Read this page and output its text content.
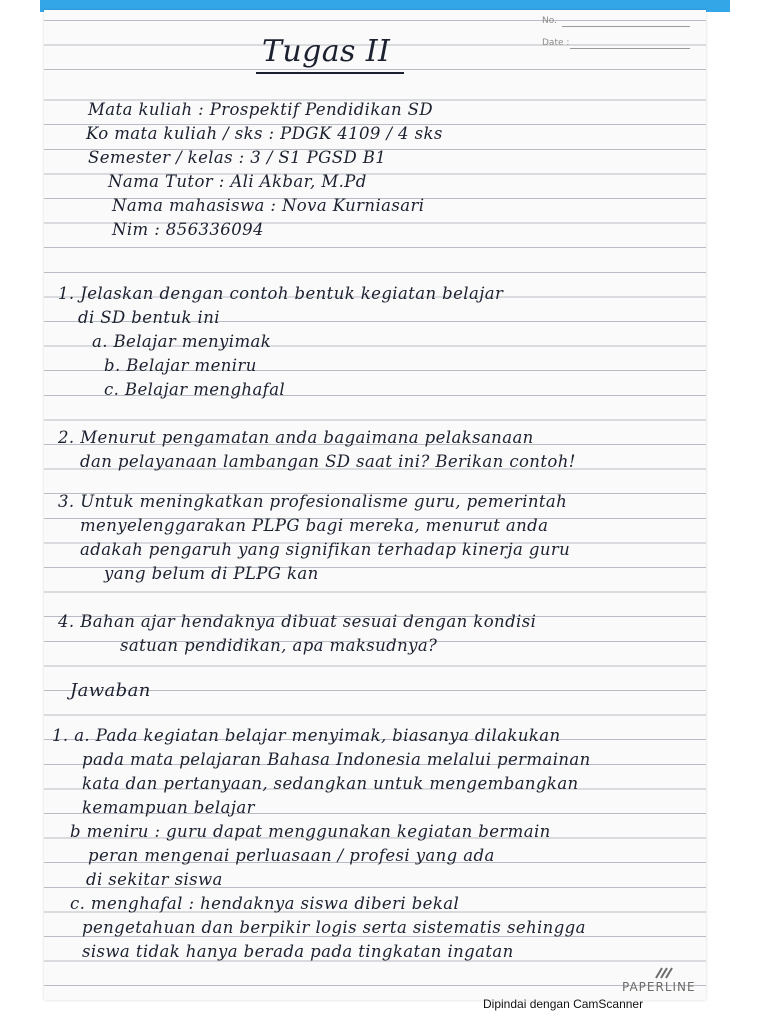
No.
Date :
Tugas II
Mata kuliah : Prospektif Pendidikan SD
Ko mata kuliah / sks : PDGK 4109 / 4 sks
Semester / kelas : 3 / S1 PGSD B1
Nama Tutor : Ali Akbar, M.Pd
Nama mahasiswa : Nova Kurniasari
Nim : 856336094
1. Jelaskan dengan contoh bentuk kegiatan belajar
di SD bentuk ini
a. Belajar menyimak
b. Belajar meniru
c. Belajar menghafal
2. Menurut pengamatan anda bagaimana pelaksanaan
dan pelayanaan lambangan SD saat ini? Berikan contoh!
3. Untuk meningkatkan profesionalisme guru, pemerintah
menyelenggarakan PLPG bagi mereka, menurut anda
adakah pengaruh yang signifikan terhadap kinerja guru
yang belum di PLPG kan
4. Bahan ajar hendaknya dibuat sesuai dengan kondisi
satuan pendidikan, apa maksudnya?
Jawaban
1. a. Pada kegiatan belajar menyimak, biasanya dilakukan
pada mata pelajaran Bahasa Indonesia melalui permainan
kata dan pertanyaan, sedangkan untuk mengembangkan
kemampuan belajar
b meniru : guru dapat menggunakan kegiatan bermain
peran mengenai perluasaan / profesi yang ada
di sekitar siswa
c. menghafal : hendaknya siswa diberi bekal
pengetahuan dan berpikir logis serta sistematis sehingga
siswa tidak hanya berada pada tingkatan ingatan
PAPERLINE
Dipindai dengan CamScanner
